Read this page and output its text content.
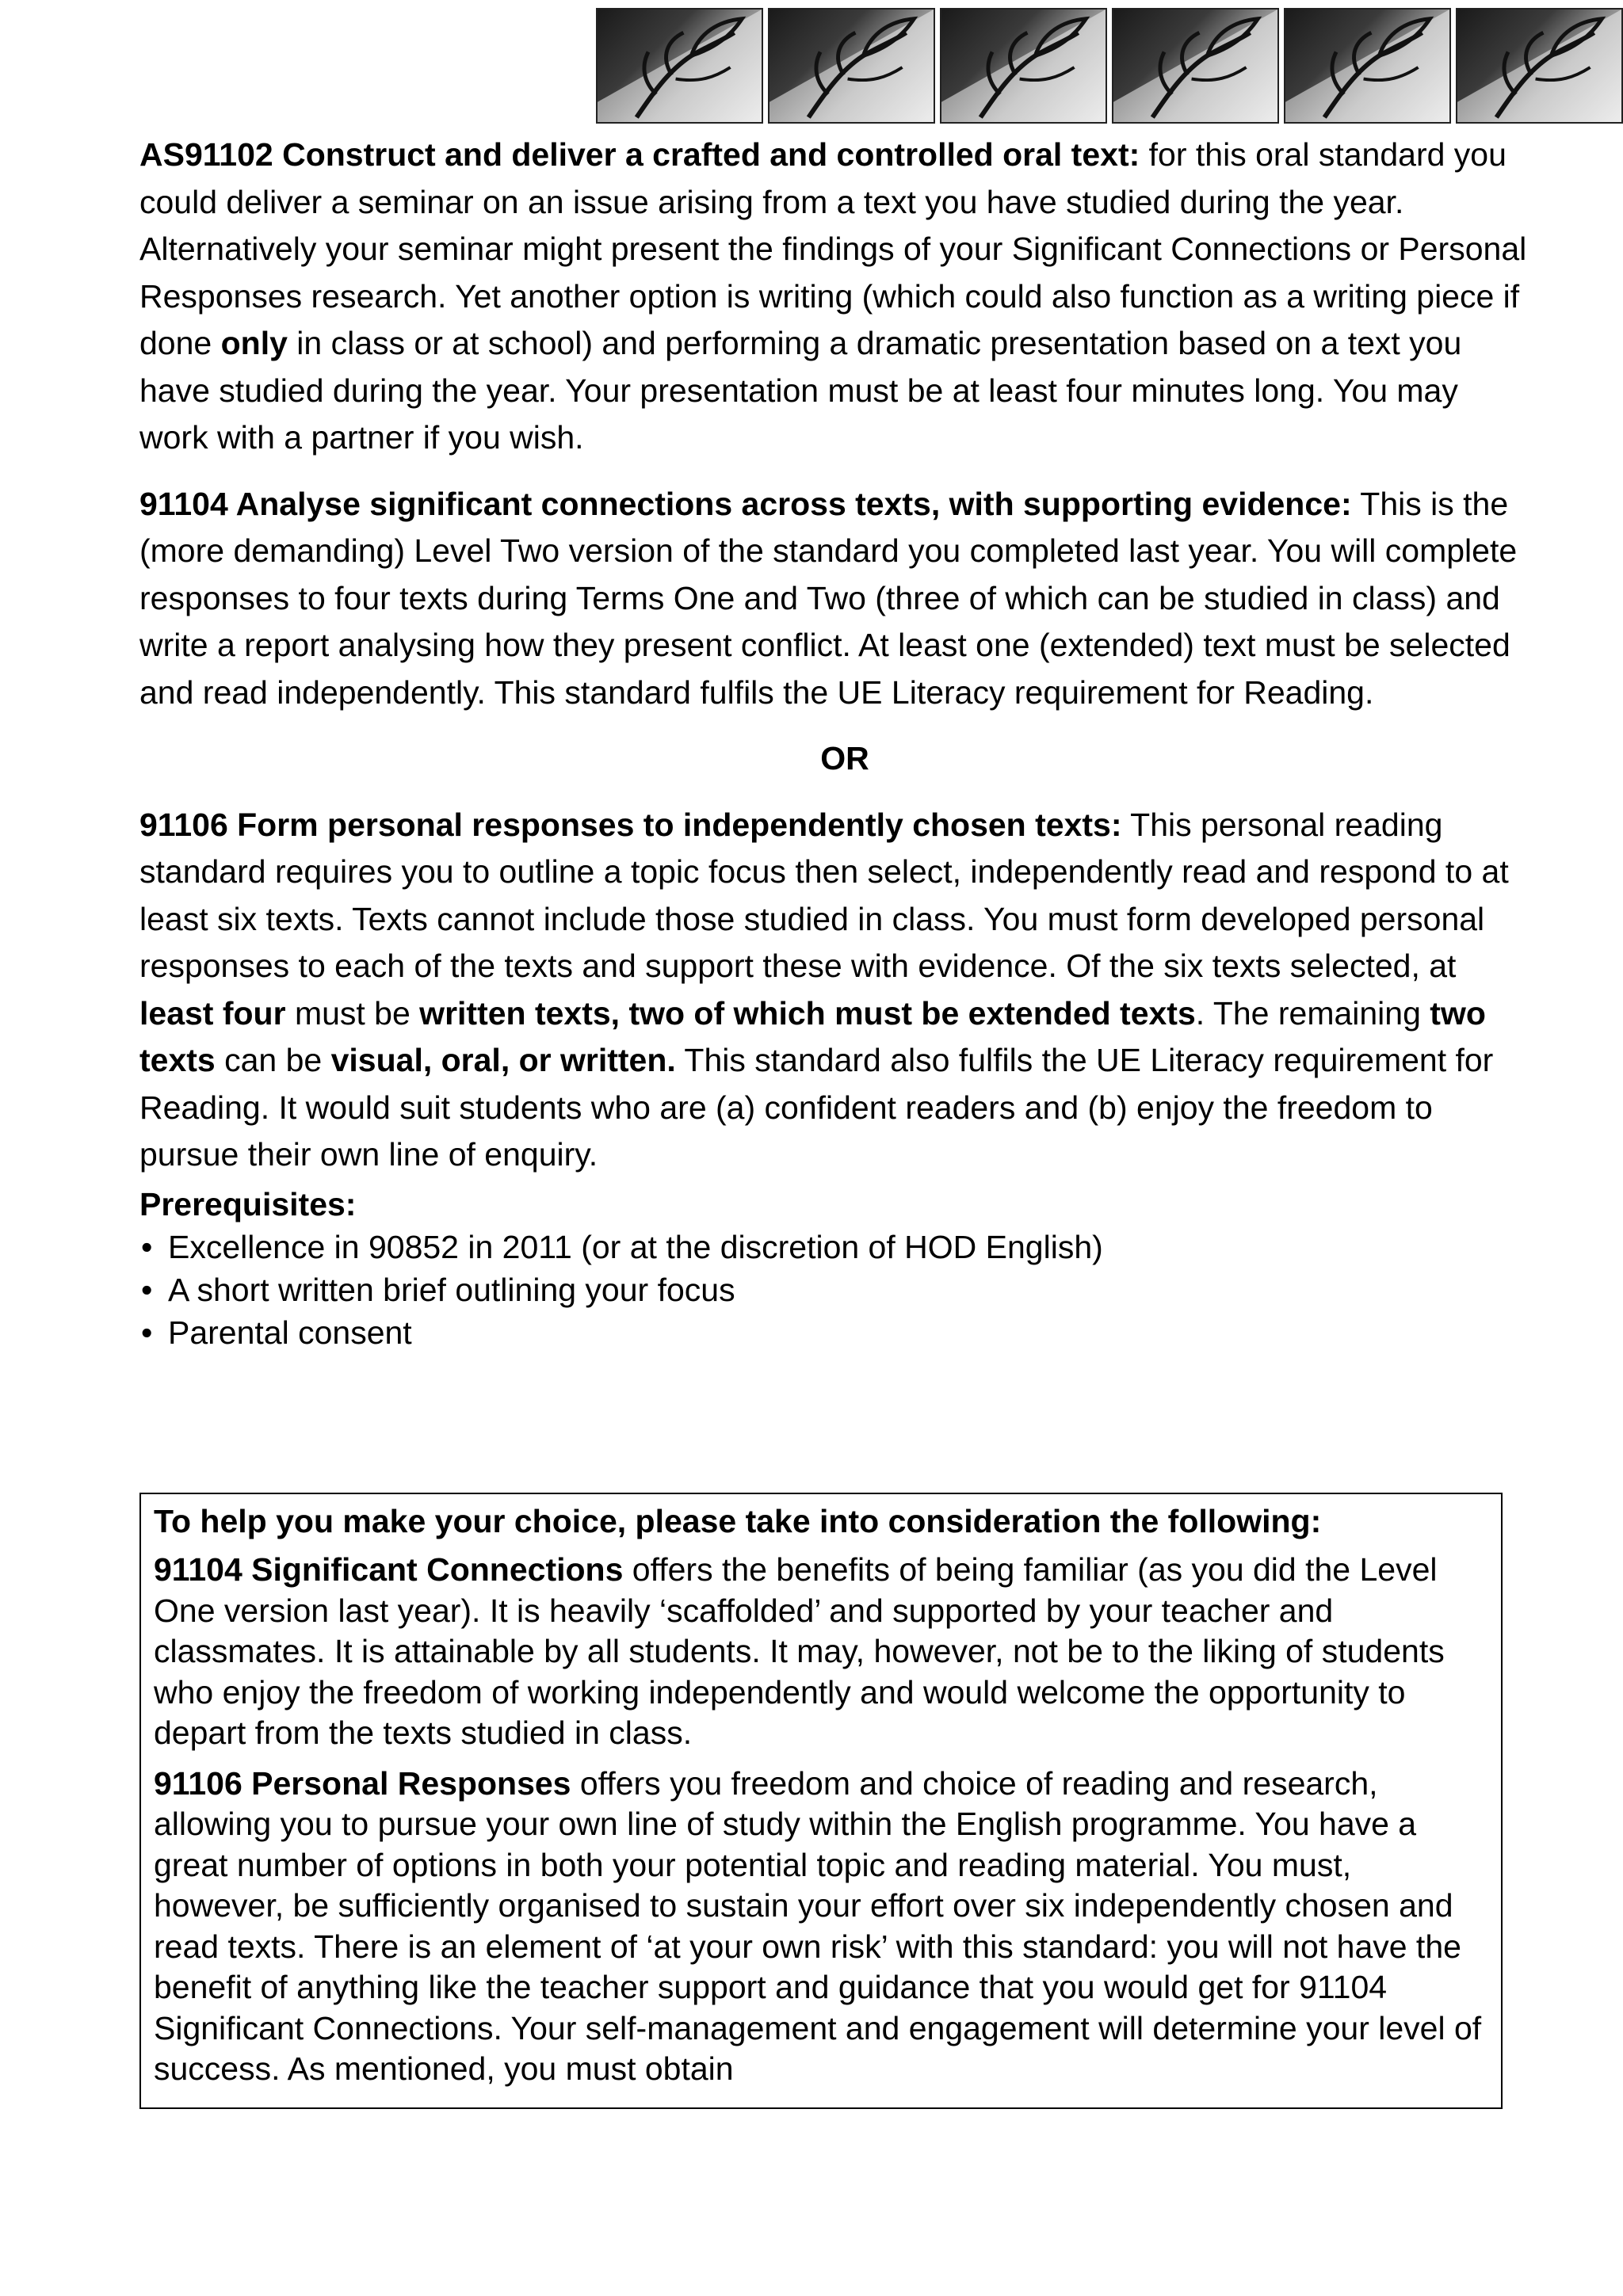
AS91102 Construct and deliver a crafted and controlled oral text: for this oral standard you could deliver a seminar on an issue arising from a text you have studied during the year. Alternatively your seminar might present the findings of your Significant Connections or Personal Responses research. Yet another option is writing (which could also function as a writing piece if done only in class or at school) and performing a dramatic presentation based on a text you have studied during the year. Your presentation must be at least four minutes long. You may work with a partner if you wish.

91104 Analyse significant connections across texts, with supporting evidence: This is the (more demanding) Level Two version of the standard you completed last year. You will complete responses to four texts during Terms One and Two (three of which can be studied in class) and write a report analysing how they present conflict. At least one (extended) text must be selected and read independently. This standard fulfils the UE Literacy requirement for Reading.

OR

91106 Form personal responses to independently chosen texts: This personal reading standard requires you to outline a topic focus then select, independently read and respond to at least six texts. Texts cannot include those studied in class. You must form developed personal responses to each of the texts and support these with evidence. Of the six texts selected, at least four must be written texts, two of which must be extended texts. The remaining two texts can be visual, oral, or written. This standard also fulfils the UE Literacy requirement for Reading. It would suit students who are (a) confident readers and (b) enjoy the freedom to pursue their own line of enquiry.

Prerequisites:
• Excellence in 90852 in 2011 (or at the discretion of HOD English)
• A short written brief outlining your focus
• Parental consent
To help you make your choice, please take into consideration the following:

91104 Significant Connections offers the benefits of being familiar (as you did the Level One version last year). It is heavily ‘scaffolded’ and supported by your teacher and classmates. It is attainable by all students. It may, however, not be to the liking of students who enjoy the freedom of working independently and would welcome the opportunity to depart from the texts studied in class.

91106 Personal Responses offers you freedom and choice of reading and research, allowing you to pursue your own line of study within the English programme. You have a great number of options in both your potential topic and reading material. You must, however, be sufficiently organised to sustain your effort over six independently chosen and read texts. There is an element of ‘at your own risk’ with this standard: you will not have the benefit of anything like the teacher support and guidance that you would get for 91104 Significant Connections. Your self-management and engagement will determine your level of success. As mentioned, you must obtain
